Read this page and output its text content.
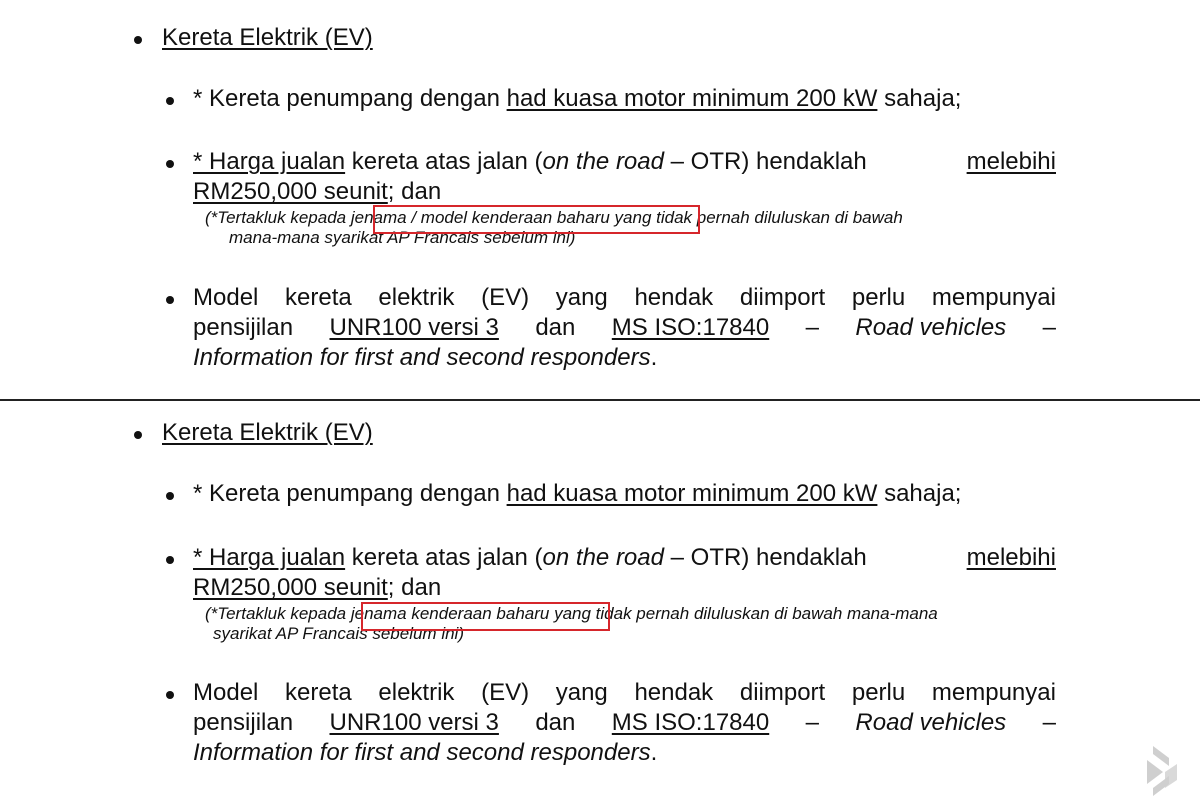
Kereta Elektrik (EV)
* Kereta penumpang dengan had kuasa motor minimum 200 kW sahaja;
* Harga jualan kereta atas jalan (on the road – OTR) hendaklah	melebihi
RM250,000 seunit; dan
(*Tertakluk kepada jenama / model kenderaan baharu yang tidak pernah diluluskan di bawah
mana-mana syarikat AP Francais sebelum ini)
Model kereta elektrik (EV) yang hendak diimport perlu mempunyai
pensijilan UNR100 versi 3 dan MS ISO:17840 – Road vehicles –
Information for first and second responders.
Kereta Elektrik (EV)
* Kereta penumpang dengan had kuasa motor minimum 200 kW sahaja;
* Harga jualan kereta atas jalan (on the road – OTR) hendaklah	melebihi
RM250,000 seunit; dan
(*Tertakluk kepada jenama kenderaan baharu yang tidak pernah diluluskan di bawah mana-mana
syarikat AP Francais sebelum ini)
Model kereta elektrik (EV) yang hendak diimport perlu mempunyai
pensijilan UNR100 versi 3 dan MS ISO:17840 – Road vehicles –
Information for first and second responders.
